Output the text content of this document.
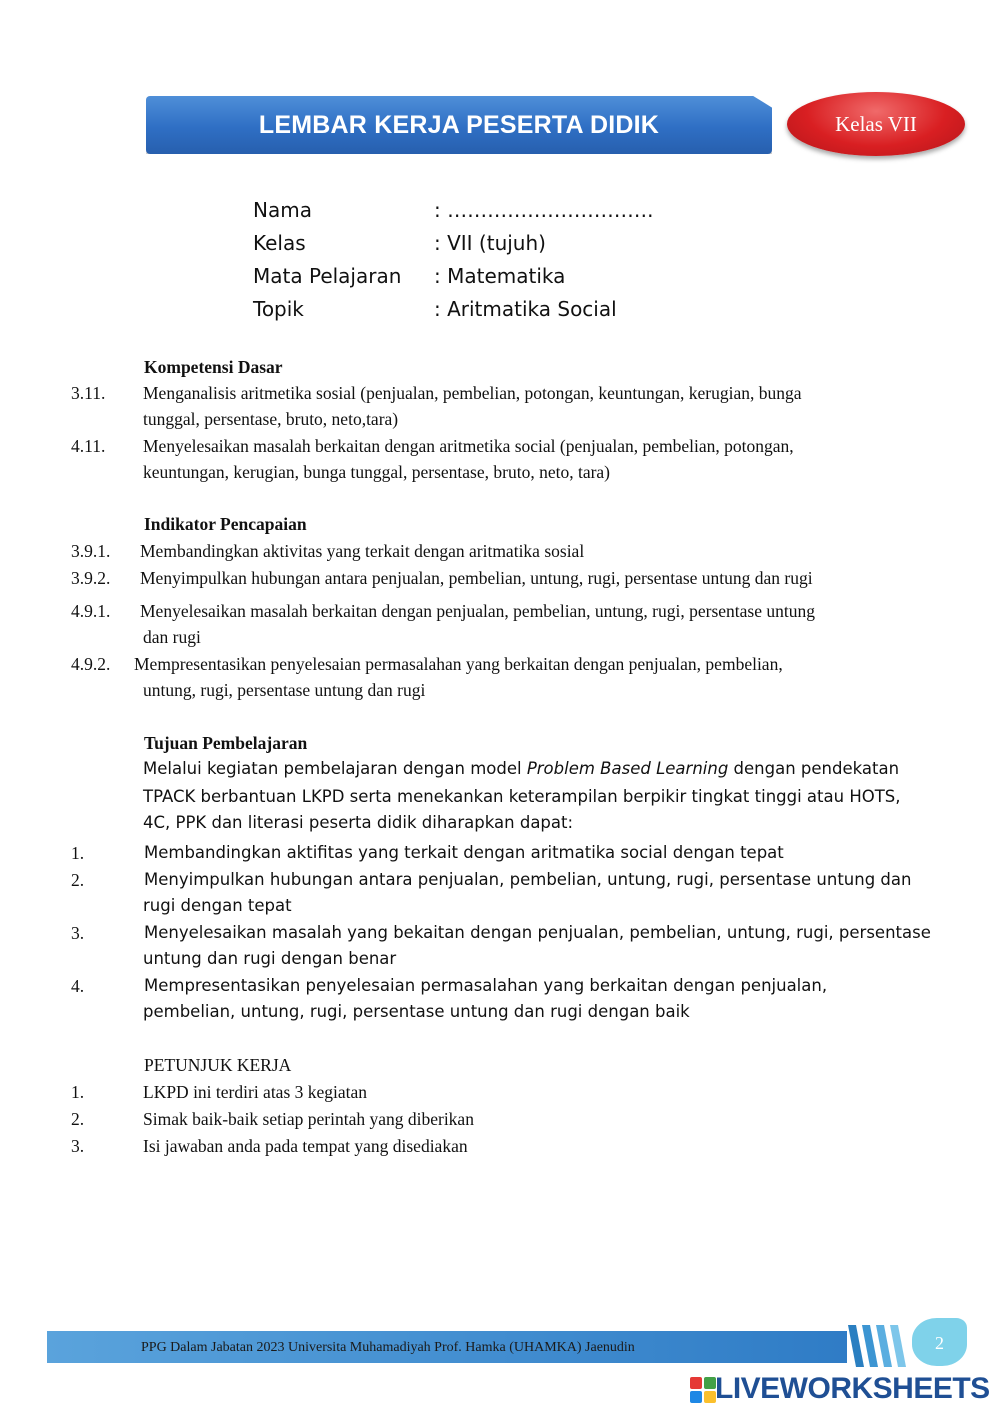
LEMBAR KERJA PESERTA DIDIK	Kelas VII
Nama	: ………………………….
Kelas	: VII (tujuh)
Mata Pelajaran : Matematika
Topik	: Aritmatika Social
Kompetensi Dasar
3.11. Menganalisis aritmetika sosial (penjualan, pembelian, potongan, keuntungan, kerugian, bunga
tunggal, persentase, bruto, neto,tara)
4.11. Menyelesaikan masalah berkaitan dengan aritmetika social (penjualan, pembelian, potongan,
keuntungan, kerugian, bunga tunggal, persentase, bruto, neto, tara)
Indikator Pencapaian
3.9.1. Membandingkan aktivitas yang terkait dengan aritmatika sosial
3.9.2. Menyimpulkan hubungan antara penjualan, pembelian, untung, rugi, persentase untung dan rugi
4.9.1. Menyelesaikan masalah berkaitan dengan penjualan, pembelian, untung, rugi, persentase untung
dan rugi
4.9.2. Mempresentasikan penyelesaian permasalahan yang berkaitan dengan penjualan, pembelian,
untung, rugi, persentase untung dan rugi
Tujuan Pembelajaran
Melalui kegiatan pembelajaran dengan model Problem Based Learning dengan pendekatan
TPACK berbantuan LKPD serta menekankan keterampilan berpikir tingkat tinggi atau HOTS,
4C, PPK dan literasi peserta didik diharapkan dapat:
1.	Membandingkan aktifitas yang terkait dengan aritmatika social dengan tepat
2.	Menyimpulkan hubungan antara penjualan, pembelian, untung, rugi, persentase untung dan
rugi dengan tepat
3.	Menyelesaikan masalah yang bekaitan dengan penjualan, pembelian, untung, rugi, persentase
untung dan rugi dengan benar
4.	Mempresentasikan penyelesaian permasalahan yang berkaitan dengan penjualan,
pembelian, untung, rugi, persentase untung dan rugi dengan baik
PETUNJUK KERJA
1.	LKPD ini terdiri atas 3 kegiatan
2.	Simak baik-baik setiap perintah yang diberikan
3.	Isi jawaban anda pada tempat yang disediakan
PPG Dalam Jabatan 2023 Universita Muhamadiyah Prof. Hamka (UHAMKA) Jaenudin	2
LIVEWORKSHEETS
